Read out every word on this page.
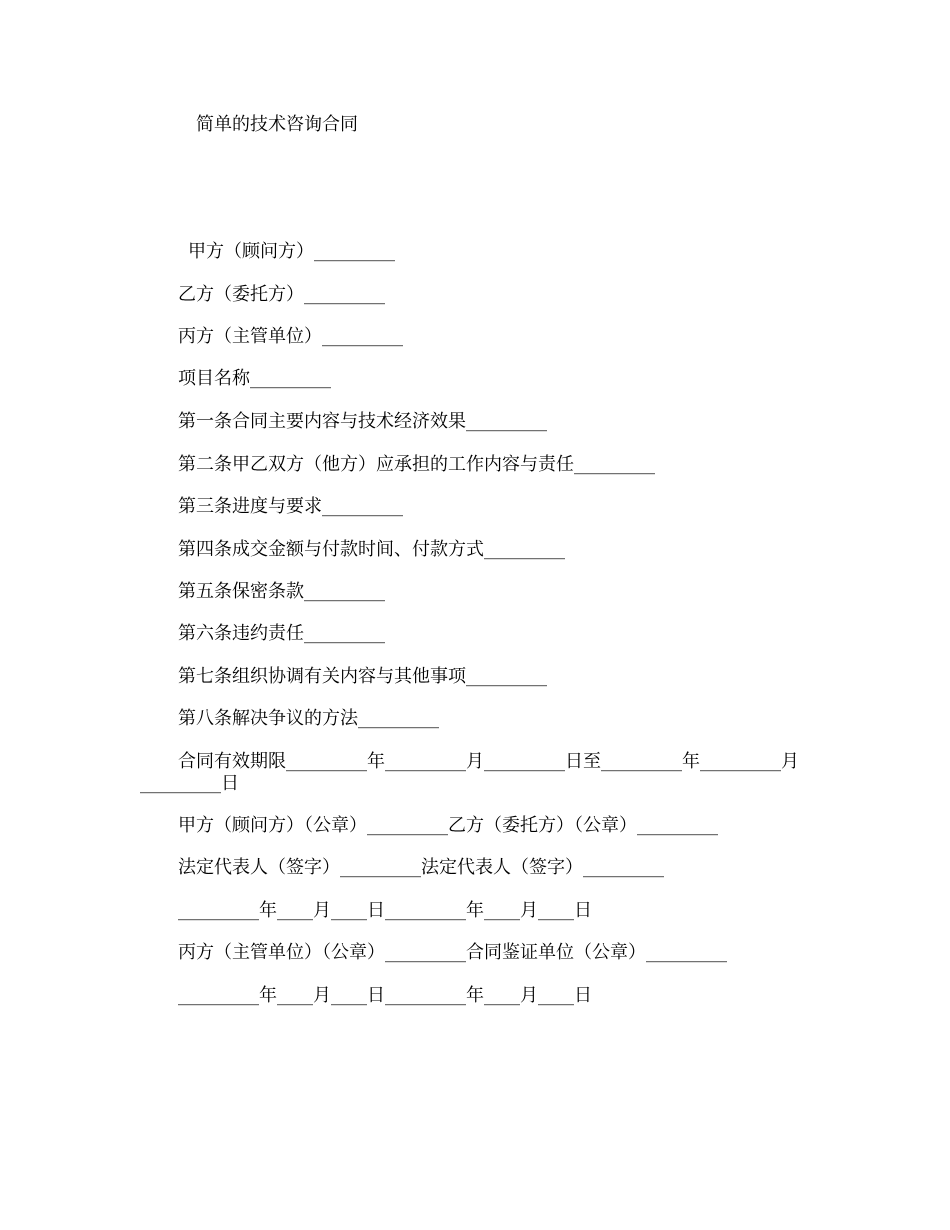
简单的技术咨询合同
甲方（顾问方）_________
乙方（委托方）_________
丙方（主管单位）_________
项目名称_________
第一条合同主要内容与技术经济效果_________
第二条甲乙双方（他方）应承担的工作内容与责任_________
第三条进度与要求_________
第四条成交金额与付款时间、付款方式_________
第五条保密条款_________
第六条违约责任_________
第七条组织协调有关内容与其他事项_________
第八条解决争议的方法_________
合同有效期限_________年_________月_________日至_________年_________月_________日
甲方（顾问方）（公章）_________乙方（委托方）（公章）_________
法定代表人（签字）_________法定代表人（签字）_________
_________年____月____日_________年____月____日
丙方（主管单位）（公章）_________合同鉴证单位（公章）_________
_________年____月____日_________年____月____日
